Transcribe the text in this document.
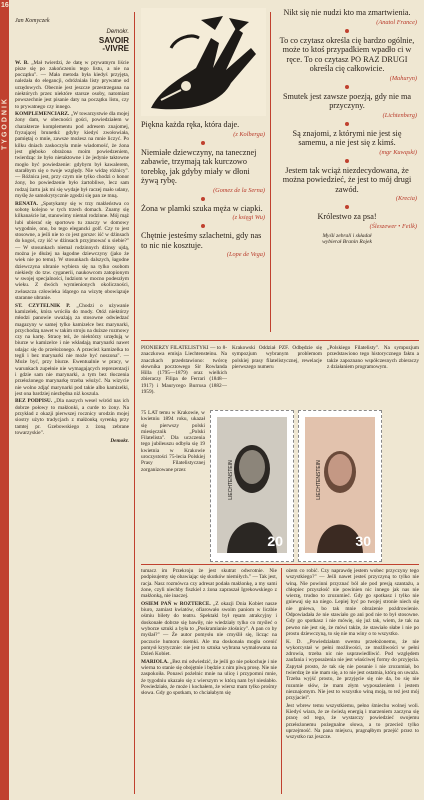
TYGODNIK
16
Jan Komyczek
Demokr.
SAVOIR
-VIVRE

W. B. „Mał twierdzi, że datę w prywatnym liście pisze się po zakończeniu tego listu, a nie na początku". — Mała metoda była kiedyś przyjęta, należała do elegancji, odróżniała listy prywatne od urzędowych. Obecnie jest jeszcze przestrzegana na niektórych przez niektóre starsze osoby, natomiast powszechnie jest pisanie daty na początku listu, czy to prywatnego czy innego.

KOMPLEMENCIARZ. „W towarzystwie dla mojej żony dam, w obecności gości, powiedziałem w charakterze komplementu pod adresem znajomej, fryzującej brunetki: gdyby kiedyś zwołowiała, pamiętaj o mnie, zawsze możesz na mnie liczyć. Po kilku dniach zaskoczyła mnie wiadomość, że żona jest głęboko obrażona moim powiedzeniem, twierdząc że było nietaktowne i że jedynie taktowne mogło być powiedzenie: gdybym był kawalerem, starałbym się o twoje względy. Nie widzę różnicy". — Różnica jest, przy czym nie tylko chodzi o honor żony, bo powiedzenie było żartobliwe, lecz sam rodzaj żartu jak mi się wydaje był raczej mało udany, myślę że samokrytycznie zgodzi się pan ze mną.

RENATA. „Spotykamy się w trzy małżeństwa co sobotę kolejno w tych trzech domach. Znamy się kilkanaście lat, stanowimy niemal rodzinne. Mój mąż lubi ubierać się sportowo tu znaczy w domowy wygodnie, ono, bo tego elegancki golf. Czy to jest stosowne, a jeśli nie to co jest gorsze: iść w dżinsach do kogoś, czy iść w dżinsach przyjmować u siebie?" — W stosunkach niemal rodzinnych dżinsy ujdą, można je dłużej na łagodne dziewczyny (jako że wiek nie po temu). W stosunkach dalszych, łagodne dziewczyna ubranie wybiera się na tylko osobom niekiedy do tzw. cyganerii, naukowcom zatopionym w swojej specjalności, ludziom w mocno podeszłym wieku. Z dwóch wymienionych okoliczności, zwłaszcza człowieka idącego na wizytę obowiązuje staranne ubranie.

ST. CZYTELNIK P. „Chodzi o używanie kamizelek, która wróciła do mody. Otóż niektórzy młodzi panowie uważają za stosowne odwiedzać magazyny w samej tylko kamizelce bez marynarki, przychodzą nawet w takim stroju na duższe rozmowy czy na kartę. Stracę też, że niektórzy urzędują w biurze w kamizelce i nie wkładają marynarki nawet udając się do przełożonego. A przecież kamizelka to tegli i bez marynarki nie może być noszona". — Może być, przy biurze. Ewentualnie w pracy, w warunkach zupełnie nie wymagających reprezentacji i gdzie sam nie marynarki, a tym bez tłoczenia przełożonego marynarkę trzeba włożyć. Na wizycie nie wolno zdjąć marynarki pod takie albo kamizelki, jest ona bardziej niezbędna niż koszula.

BEZ PODPISU. „Dla naszych wesel wśród nas ich dobrze połowy to małżonki, a curde to żony. Na przykład z okazji pierwszej rocznicy urodzin mojej siostry użyto tradycjach z małżonką syrenką przy tamtej pr. Gzebowskiego z żoną zebrane towarzyskie".

Demokr.

Piękna każda ręka, która daje.

(z Kolberga)

Niemiałe dziewczyny, na tanecznej zabawie, trzymają tak kurczowo torebkę, jak gdyby miały w dłoni żywą rybę.

(Gomez de la Serna)

Żona w plamki szuka męża w ciapki.

(z księgi Wu)

Chętnie jesteśmy szlachetni, gdy nas to nic nie kosztuje.

(Lope de Vega)

Nikt się nie nudzi kto ma zmartwienia.

(Anatol France)

To co czytasz określa cię bardzo ogólnie, może to ktoś przypadkiem wpadło ci w ręce. To co czytasz PO RAZ DRUGI określa cię całkowicie.

(Mahuryn)

Smutek jest zawsze poezją, gdy nie ma przyczyny.

(Lichtenberg)

Są znajomi, z którymi nie jest się samemu, a nie jest się z kimś.

(mgr Kuwąski)

Jestem tak wciąż niezdecydowana, że można powiedzieć, że jest to mój drugi zawód.

(Krecia)

Królestwo za psa!

(Śleszewer • Feilk)

Myśli zebrali i składał
wybierał Branin Rojek

PIONIERZY FILATELISTYKI — to 8-znaczkowa emisja Liechtensteinu. Na znaczkach przedstawiono: twórcę słownika pocztowego Sir Rowlanda Hilla (1795—1879) oraz wielkich zbieraczy Filipa de Ferrari (1848—1917) i Maurycego Burrusa (1882—1959).

Krakowski Oddział PZF. Odbędzie się sympozjum wybranym problemom polskiej prasy filatelistycznej, rewelacje pierwszego numeru

„Polskiego Filatelisty". Na sympozjum przedstawiono tego historycznego faktu a także zapoznano współczesnych zbieraczy z działaniem programowym.

75 LAT temu w Krakowie, w kwietniu 1894 roku, ukazał się pierwszy polski miesięcznik „Polski Filatelista". Dla uczczenia tego jubileuszu odbyła się 19 kwietnia w Krakowie uroczystości 75-lecia Polskiej Prasy Filatelistycznej zorganizowane przez	LIECHTENSTEIN
20
LIECHTENSTEIN
30

tumacz im Przekroju że jest skutrat odwrotnie. Nie podpisujemy się obawiając się skutków niemiłych." — Tak jest, racja. Nasz rozmówca czy adresat podała małżonkę, a my sami żone, czyli niechby fiszkiel z żona zapraszał Igrekowskiego z małżonką, nie inaczej.

OSIEM PAŃ w ROZTERCE. „Z okazji Dnia Kobiet nasze biuro, zamiast kwiatów, ofiarowało swoim paniom w liczbie ośmiu bilety do teatru. Spektakl był ręsam atrakcyjny i doskonałe dobrze się bawiły, nie wiedziały tylko co myśleć o wyborze sztuki a była to „Poskramianie złośnicy". A pan co by myślał?" — Że autor pomysłu nie cmyślił się, licząc na poczucie humoru ósemki. Ale ma doskonała mogła ocenić pomysł krytycznie: nie jest to sztuka wybrana wymalowana na Dzień Kobiet.

MARIOLA. „Bez mi odwiedzić, że jeśli go nie pokochuje i nie wierna to stanie się obojętnie i będzie z nim piwą prosę. Nie nie zaspokoiła. Ponawi pożelnic mnie na ulicę i przypomni mnie, że tygodniu ukazało się z wierszym w którą nam był niesłabło. Powiedziało, że może i kochałem, że wiersz mam tylko prośmy słowa. Gdy go spotkam, to chciałabym się

ożem co robić. Czy naprawdę jestem wobec przyczyny tego wszystkiego?" — Jeśli nawet jesteś przyczyną to tylko nie winą. Nie powinni przyznać ból ale pod presją szantażu, a chłopiec przyszłość nie powinien nic innego jak nas nie wierzę, trudno to zrozumieć. Gdy go spotkasz i tylko nie gniewaj się na niego. Lepiej być po twojej stronie niech się nie gniewa, bo tak mnie obrażenie pożdrowienie. Odpowiadała że nie stawiało go ani pod nie to był stosowne. Gdy go spotkasz i nie mówię, się już tak, wiem, że tak na pewno nie jest się, że mówi także, że stawiało słabe i nie po prostu dziewczyną, to się nie ma winy o to wszystko.

K. D. „Powiedziałam swemu przełożonemu, że nie wykorzystał w pełni możliwości, ze możliwości w pełni zdrowia, trzeba nic nie usprawiedliwić. Pod względem zaufania i wyposażenia nie jest właściwej formy do przyjęcia. Zapytał prosto, że tak się nie posunie i nie zrozumiał, bo twierdzę że nie mam się, a to nie jest ostatnia, którą on uważa. Trzeba wyjść prosto, że przyjęcie się nie da, bo się nie rozumie słów, że mam złym wyposażeniem i jestem nieznajomym. Nie jest to wszystko winą moją, to też jest mój przyjaciel".

Jest wbrew temu wszystkiemu, pełno śmiechu wolnej woli. Kiedyś wiara, że ze świeżą energią i marzeniem zaczyna się pracę od tego, że wystarczy powiedzieć swojemu przełożonemu pożegnalne słowa, a to przecież tylko uprzejmość. Na pana miejscu, pragnąłbym przejść przez to wszystko raz jeszcze.
